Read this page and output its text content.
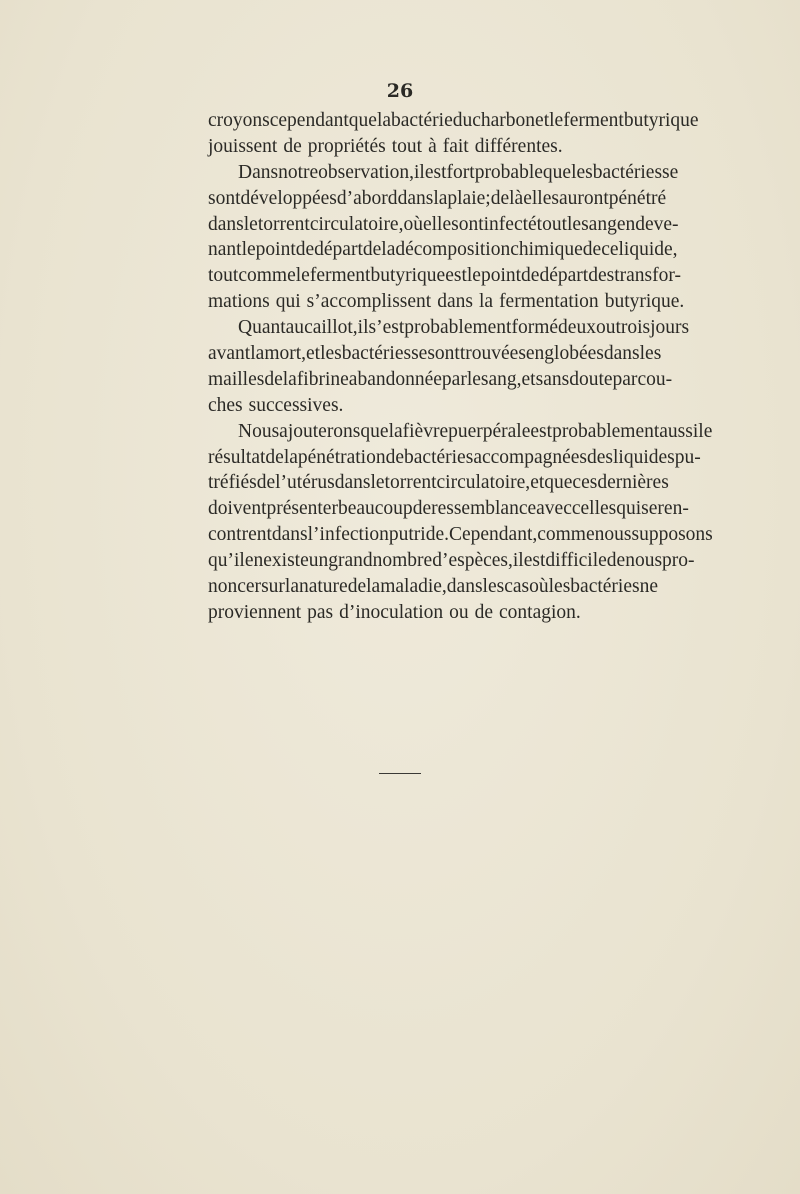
26
croyons cependant que la bactérie du charbon et le ferment butyrique
jouissent de propriétés tout à fait différentes.
Dans notre observation, il est fort probable que les bactéries se
sont développées d’abord dans la plaie; de là elles auront pénétré
dans le torrent circulatoire, où elles ont infecté tout le sang en deve-
nant le point de départ de la décomposition chimique de ce liquide,
tout comme le ferment butyrique est le point de départ des transfor-
mations qui s’accomplissent dans la fermentation butyrique.
Quant au caillot, il s’est probablement formé deux ou trois jours
avant la mort, et les bactéries se sont trouvées englobées dans les
mailles de la fibrine abandonnée par le sang, et sans doute par cou-
ches successives.
Nous ajouterons que la fièvre puerpérale est probablement aussi le
résultat de la pénétration de bactéries accompagnées des liquides pu-
tréfiés de l’utérus dans le torrent circulatoire, et que ces dernières
doivent présenter beaucoup de ressemblance avec celles qui se ren-
contrent dans l’infection putride. Cependant, comme nous supposons
qu’il en existe un grand nombre d’espèces, il est difficile de nous pro-
noncer sur la nature de la maladie, dans les cas où les bactéries ne
proviennent pas d’inoculation ou de contagion.
